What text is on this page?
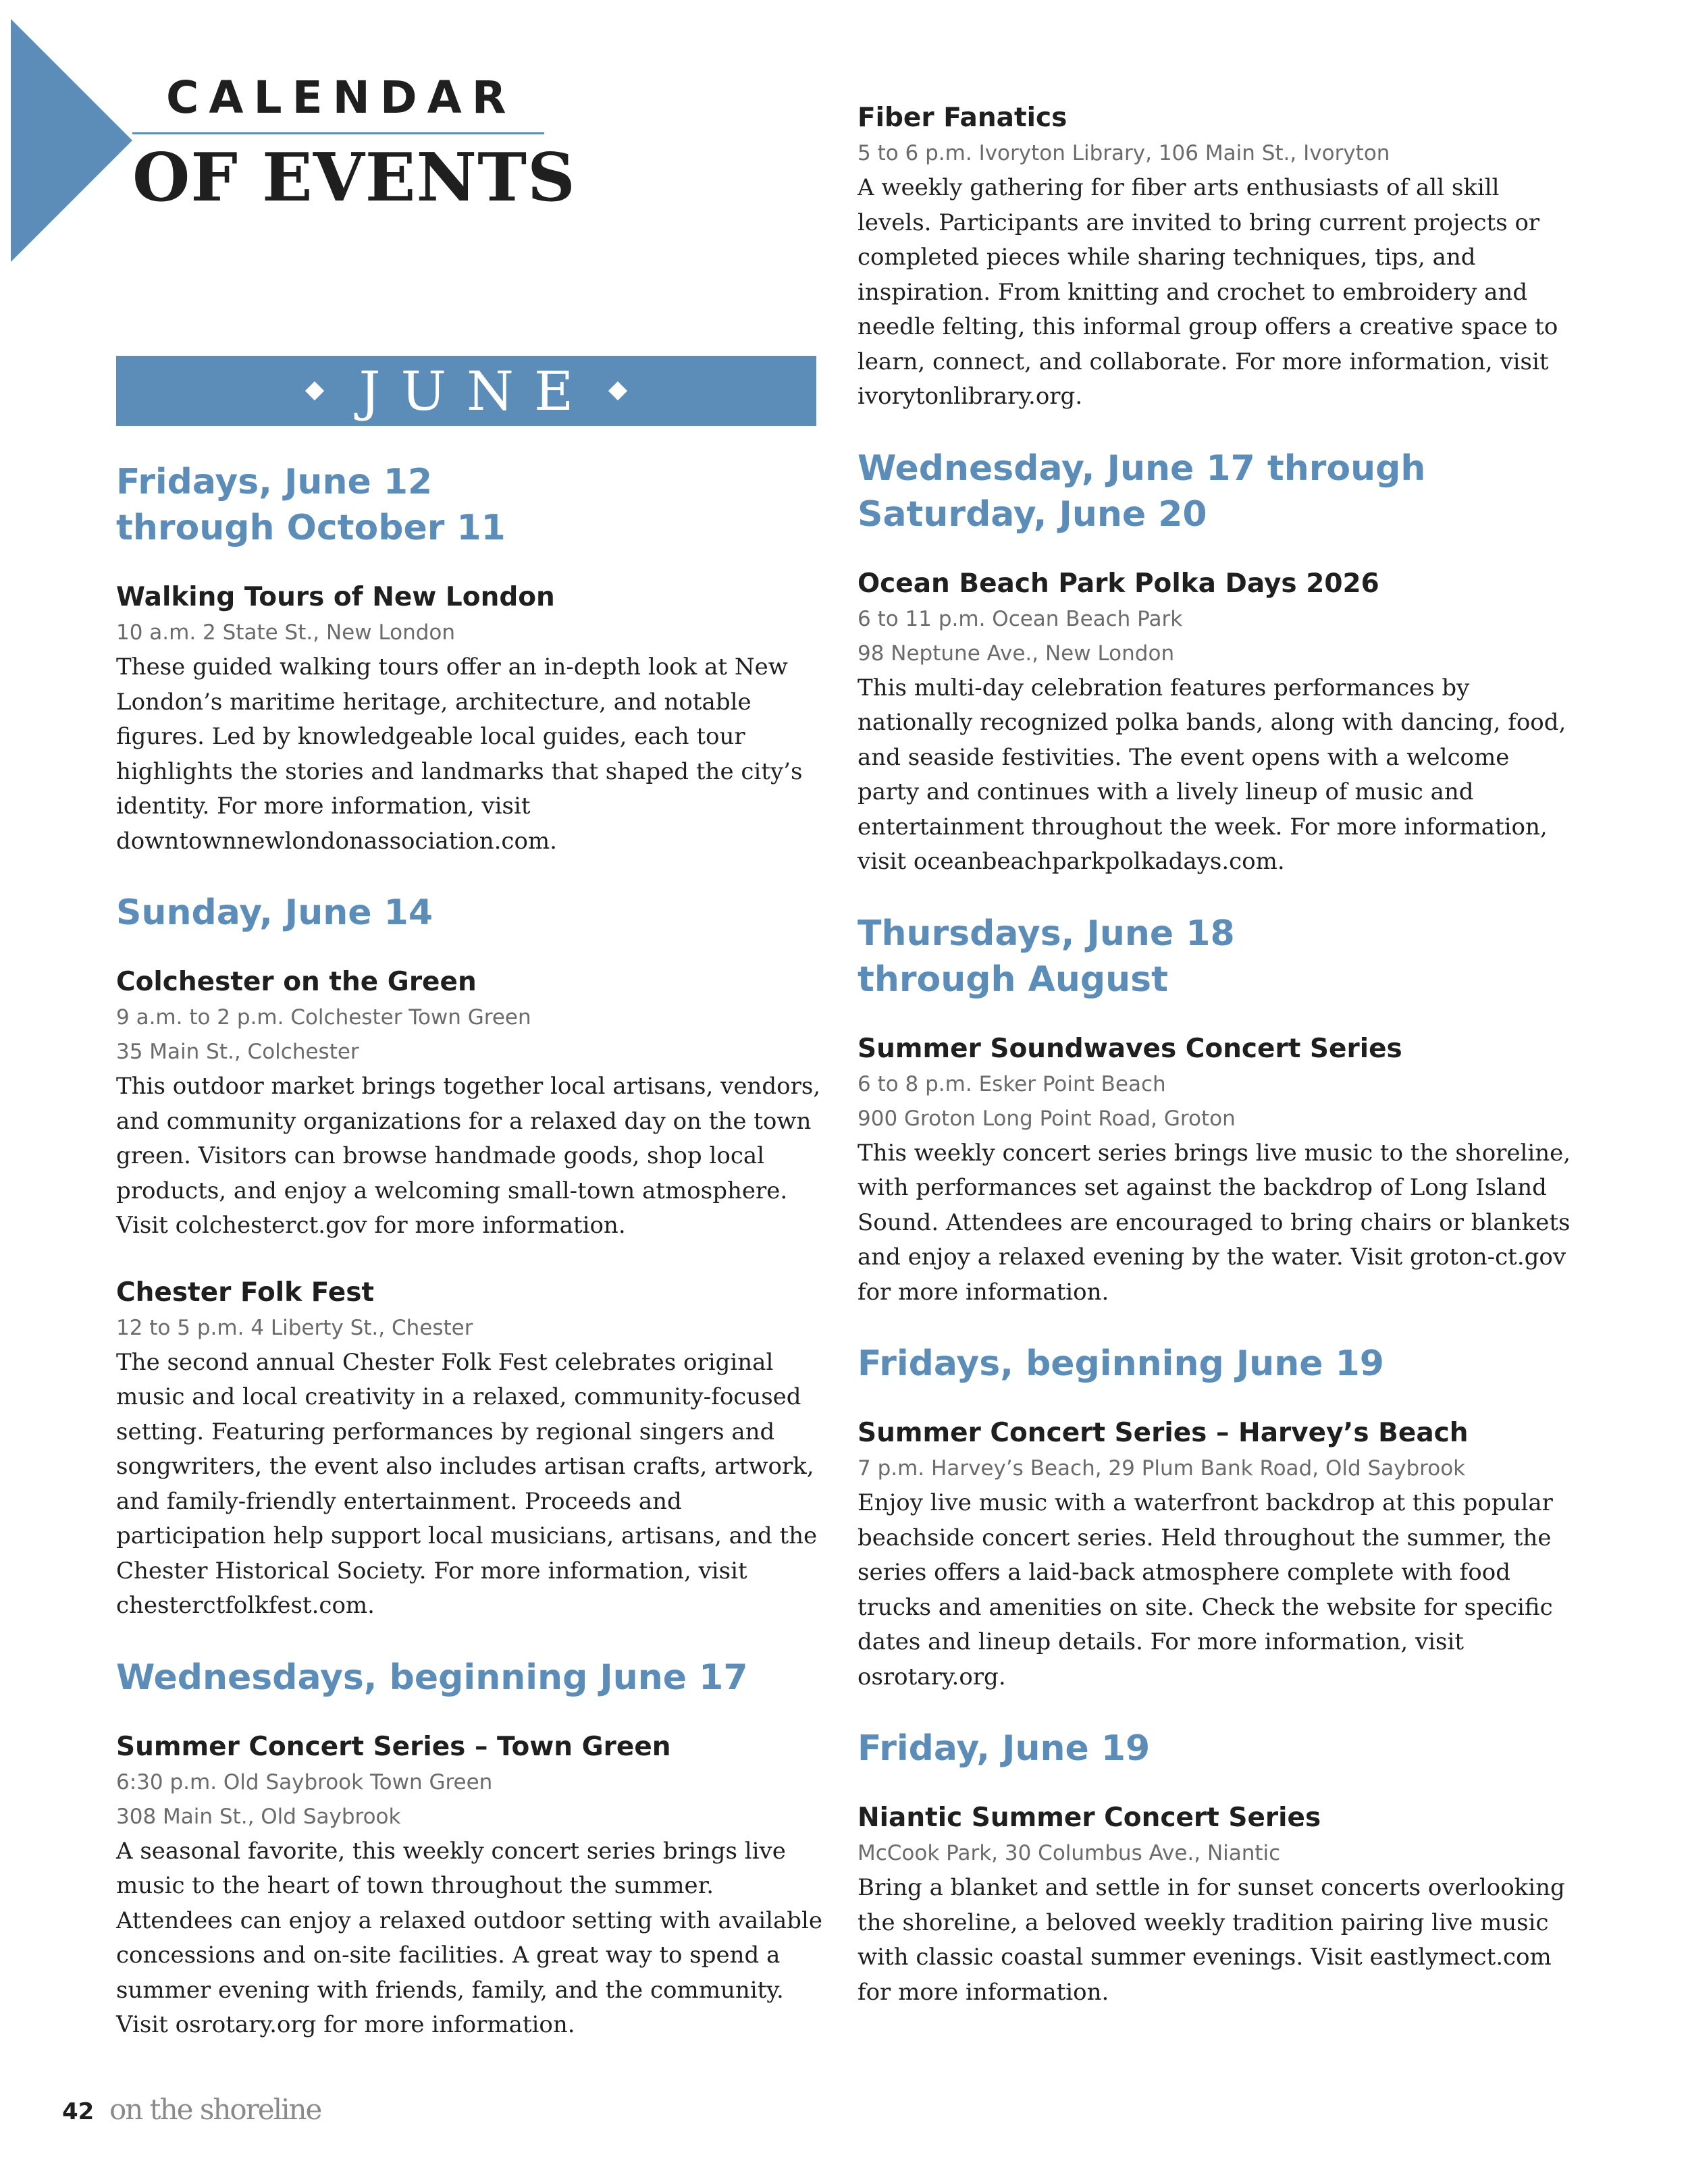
CALENDAR
OF EVENTS
JUNE
Fridays, June 12
through October 11
Walking Tours of New London
10 a.m. 2 State St., New London
These guided walking tours offer an in-depth look at New London’s maritime heritage, architecture, and notable figures. Led by knowledgeable local guides, each tour highlights the stories and landmarks that shaped the city’s identity. For more information, visit downtownnewlondonassociation.com.
Sunday, June 14
Colchester on the Green
9 a.m. to 2 p.m. Colchester Town Green
35 Main St., Colchester
This outdoor market brings together local artisans, vendors, and community organizations for a relaxed day on the town green. Visitors can browse handmade goods, shop local products, and enjoy a welcoming small-town atmosphere. Visit colchesterct.gov for more information.
Chester Folk Fest
12 to 5 p.m. 4 Liberty St., Chester
The second annual Chester Folk Fest celebrates original music and local creativity in a relaxed, community-focused setting. Featuring performances by regional singers and songwriters, the event also includes artisan crafts, artwork, and family-friendly entertainment. Proceeds and participation help support local musicians, artisans, and the Chester Historical Society. For more information, visit chesterctfolkfest.com.
Wednesdays, beginning June 17
Summer Concert Series – Town Green
6:30 p.m. Old Saybrook Town Green
308 Main St., Old Saybrook
A seasonal favorite, this weekly concert series brings live music to the heart of town throughout the summer. Attendees can enjoy a relaxed outdoor setting with available concessions and on-site facilities. A great way to spend a summer evening with friends, family, and the community. Visit osrotary.org for more information.
Fiber Fanatics
5 to 6 p.m. Ivoryton Library, 106 Main St., Ivoryton
A weekly gathering for fiber arts enthusiasts of all skill levels. Participants are invited to bring current projects or completed pieces while sharing techniques, tips, and inspiration. From knitting and crochet to embroidery and needle felting, this informal group offers a creative space to learn, connect, and collaborate. For more information, visit ivorytonlibrary.org.
Wednesday, June 17 through
Saturday, June 20
Ocean Beach Park Polka Days 2026
6 to 11 p.m. Ocean Beach Park
98 Neptune Ave., New London
This multi-day celebration features performances by nationally recognized polka bands, along with dancing, food, and seaside festivities. The event opens with a welcome party and continues with a lively lineup of music and entertainment throughout the week. For more information, visit oceanbeachparkpolkadays.com.
Thursdays, June 18
through August
Summer Soundwaves Concert Series
6 to 8 p.m. Esker Point Beach
900 Groton Long Point Road, Groton
This weekly concert series brings live music to the shoreline, with performances set against the backdrop of Long Island Sound. Attendees are encouraged to bring chairs or blankets and enjoy a relaxed evening by the water. Visit groton-ct.gov for more information.
Fridays, beginning June 19
Summer Concert Series – Harvey’s Beach
7 p.m. Harvey’s Beach, 29 Plum Bank Road, Old Saybrook
Enjoy live music with a waterfront backdrop at this popular beachside concert series. Held throughout the summer, the series offers a laid-back atmosphere complete with food trucks and amenities on site. Check the website for specific dates and lineup details. For more information, visit osrotary.org.
Friday, June 19
Niantic Summer Concert Series
McCook Park, 30 Columbus Ave., Niantic
Bring a blanket and settle in for sunset concerts overlooking the shoreline, a beloved weekly tradition pairing live music with classic coastal summer evenings. Visit eastlymect.com for more information.
42 on the shoreline
